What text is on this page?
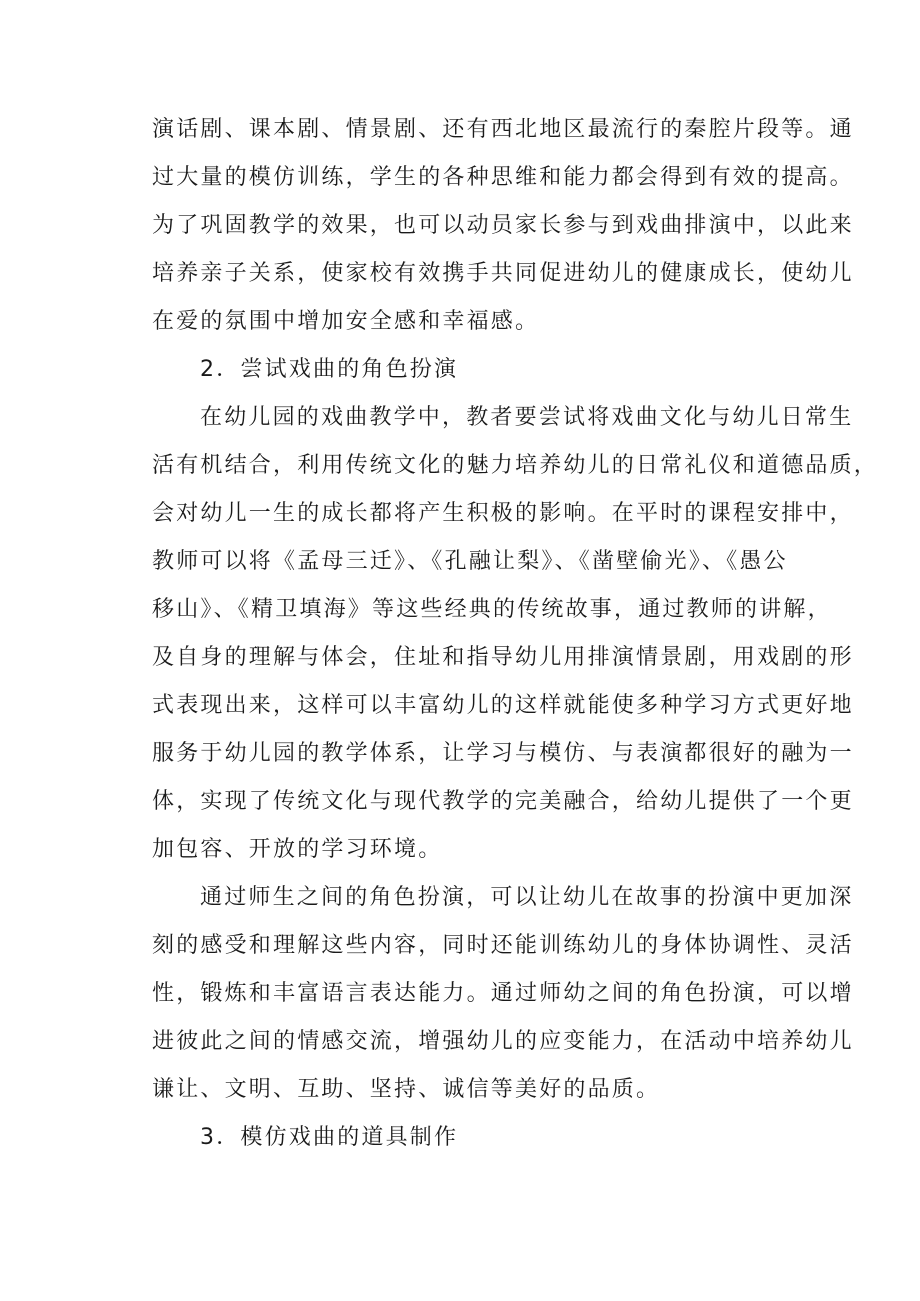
演话剧、课本剧、情景剧、还有西北地区最流行的秦腔片段等。通
过大量的模仿训练，学生的各种思维和能力都会得到有效的提高。
为了巩固教学的效果，也可以动员家长参与到戏曲排演中，以此来
培养亲子关系，使家校有效携手共同促进幼儿的健康成长，使幼儿
在爱的氛围中增加安全感和幸福感。
2．尝试戏曲的角色扮演
在幼儿园的戏曲教学中，教者要尝试将戏曲文化与幼儿日常生
活有机结合，利用传统文化的魅力培养幼儿的日常礼仪和道德品质，
会对幼儿一生的成长都将产生积极的影响。在平时的课程安排中，
教师可以将《孟母三迁》、《孔融让梨》、《凿壁偷光》、《愚公
移山》、《精卫填海》等这些经典的传统故事，通过教师的讲解，
及自身的理解与体会，住址和指导幼儿用排演情景剧，用戏剧的形
式表现出来，这样可以丰富幼儿的这样就能使多种学习方式更好地
服务于幼儿园的教学体系，让学习与模仿、与表演都很好的融为一
体，实现了传统文化与现代教学的完美融合，给幼儿提供了一个更
加包容、开放的学习环境。
通过师生之间的角色扮演，可以让幼儿在故事的扮演中更加深
刻的感受和理解这些内容，同时还能训练幼儿的身体协调性、灵活
性，锻炼和丰富语言表达能力。通过师幼之间的角色扮演，可以增
进彼此之间的情感交流，增强幼儿的应变能力，在活动中培养幼儿
谦让、文明、互助、坚持、诚信等美好的品质。
3．模仿戏曲的道具制作
